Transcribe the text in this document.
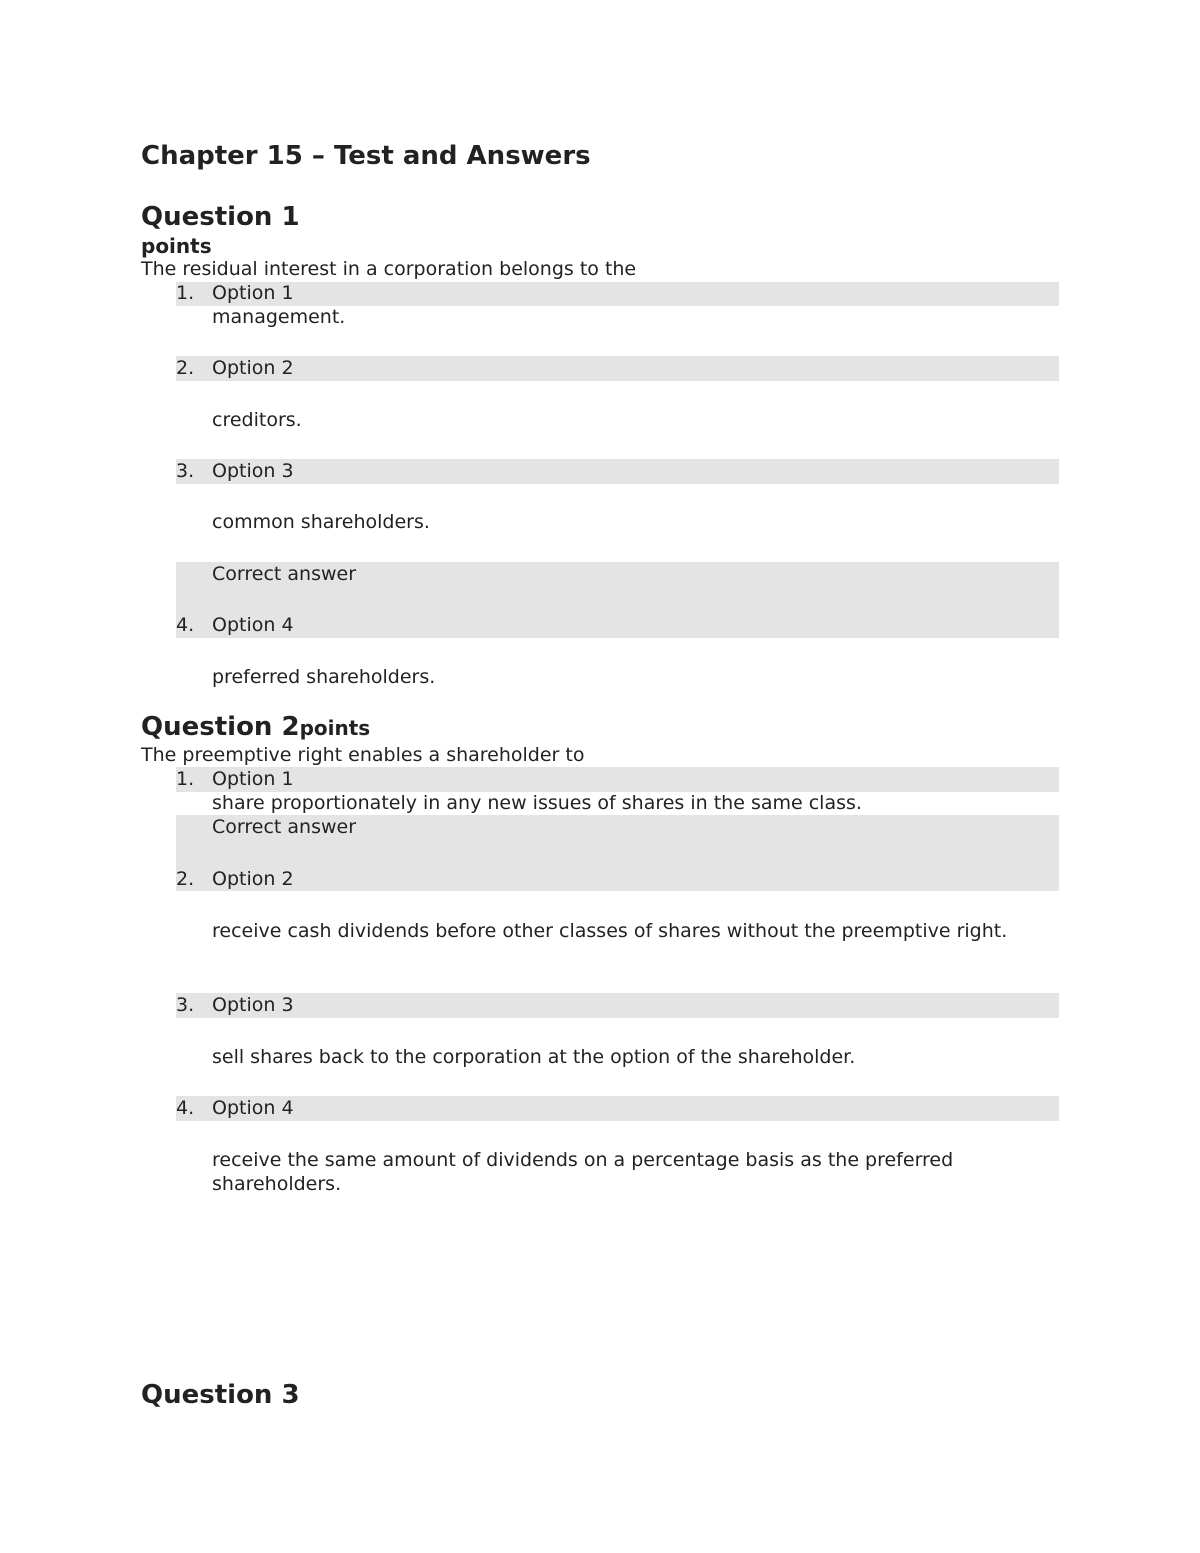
Chapter 15 – Test and Answers
Question 1
points
The residual interest in a corporation belongs to the
1. Option 1
management.
2. Option 2
creditors.
3. Option 3
common shareholders.
Correct answer
4. Option 4
preferred shareholders.
Question 2points
The preemptive right enables a shareholder to
1. Option 1
share proportionately in any new issues of shares in the same class.
Correct answer
2. Option 2
receive cash dividends before other classes of shares without the preemptive right.
3. Option 3
sell shares back to the corporation at the option of the shareholder.
4. Option 4
receive the same amount of dividends on a percentage basis as the preferred shareholders.
Question 3
